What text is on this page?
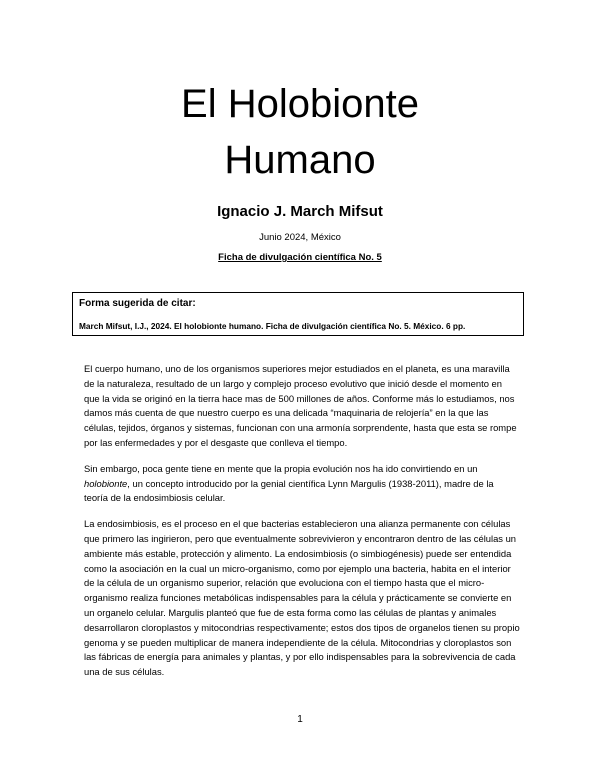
El Holobionte
Humano
Ignacio J. March Mifsut
Junio 2024, México
Ficha de divulgación científica No. 5
Forma sugerida de citar:
March Mifsut, I.J., 2024. El holobionte humano. Ficha de divulgación científica No. 5. México. 6 pp.

El cuerpo humano, uno de los organismos superiores mejor estudiados en el planeta, es una maravilla de la naturaleza, resultado de un largo y complejo proceso evolutivo que inició desde el momento en que la vida se originó en la tierra hace mas de 500 millones de años. Conforme más lo estudiamos, nos damos más cuenta de que nuestro cuerpo es una delicada “maquinaria de relojería” en la que las células, tejidos, órganos y sistemas, funcionan con una armonía sorprendente, hasta que esta se rompe por las enfermedades y por el desgaste que conlleva el tiempo.

Sin embargo, poca gente tiene en mente que la propia evolución nos ha ido convirtiendo en un holobionte, un concepto introducido por la genial científica Lynn Margulis (1938-2011), madre de la teoría de la endosimbiosis celular.

La endosimbiosis, es el proceso en el que bacterias establecieron una alianza permanente con células que primero las ingirieron, pero que eventualmente sobrevivieron y encontraron dentro de las células un ambiente más estable, protección y alimento. La endosimbiosis (o simbiogénesis) puede ser entendida como la asociación en la cual un micro-organismo, como por ejemplo una bacteria, habita en el interior de la célula de un organismo superior, relación que evoluciona con el tiempo hasta que el micro-organismo realiza funciones metabólicas indispensables para la célula y prácticamente se convierte en un organelo celular. Margulis planteó que fue de esta forma como las células de plantas y animales desarrollaron cloroplastos y mitocondrias respectivamente; estos dos tipos de organelos tienen su propio genoma y se pueden multiplicar de manera independiente de la célula. Mitocondrias y cloroplastos son las fábricas de energía para animales y plantas, y por ello indispensables para la sobrevivencia de cada una de sus células.

1
